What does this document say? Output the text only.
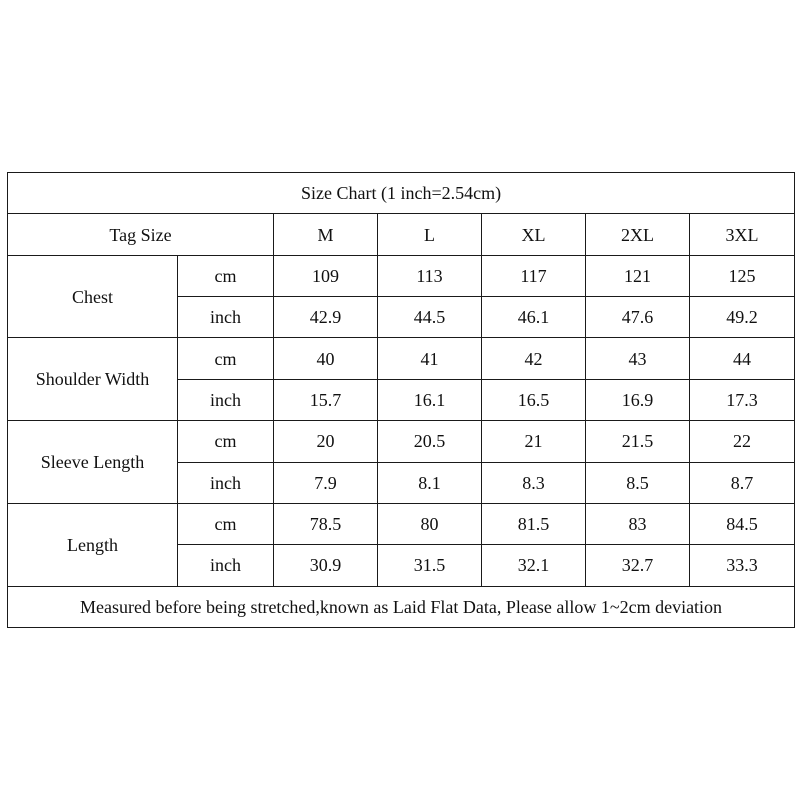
Size Chart (1 inch=2.54cm)						
Tag Size		M	L	XL	2XL	3XL
Chest	cm	109	113	117	121	125
	inch	42.9	44.5	46.1	47.6	49.2
Shoulder Width	cm	40	41	42	43	44
	inch	15.7	16.1	16.5	16.9	17.3
Sleeve Length	cm	20	20.5	21	21.5	22
	inch	7.9	8.1	8.3	8.5	8.7
Length	cm	78.5	80	81.5	83	84.5
	inch	30.9	31.5	32.1	32.7	33.3
Measured before being stretched,known as Laid Flat Data, Please allow 1~2cm deviation						
